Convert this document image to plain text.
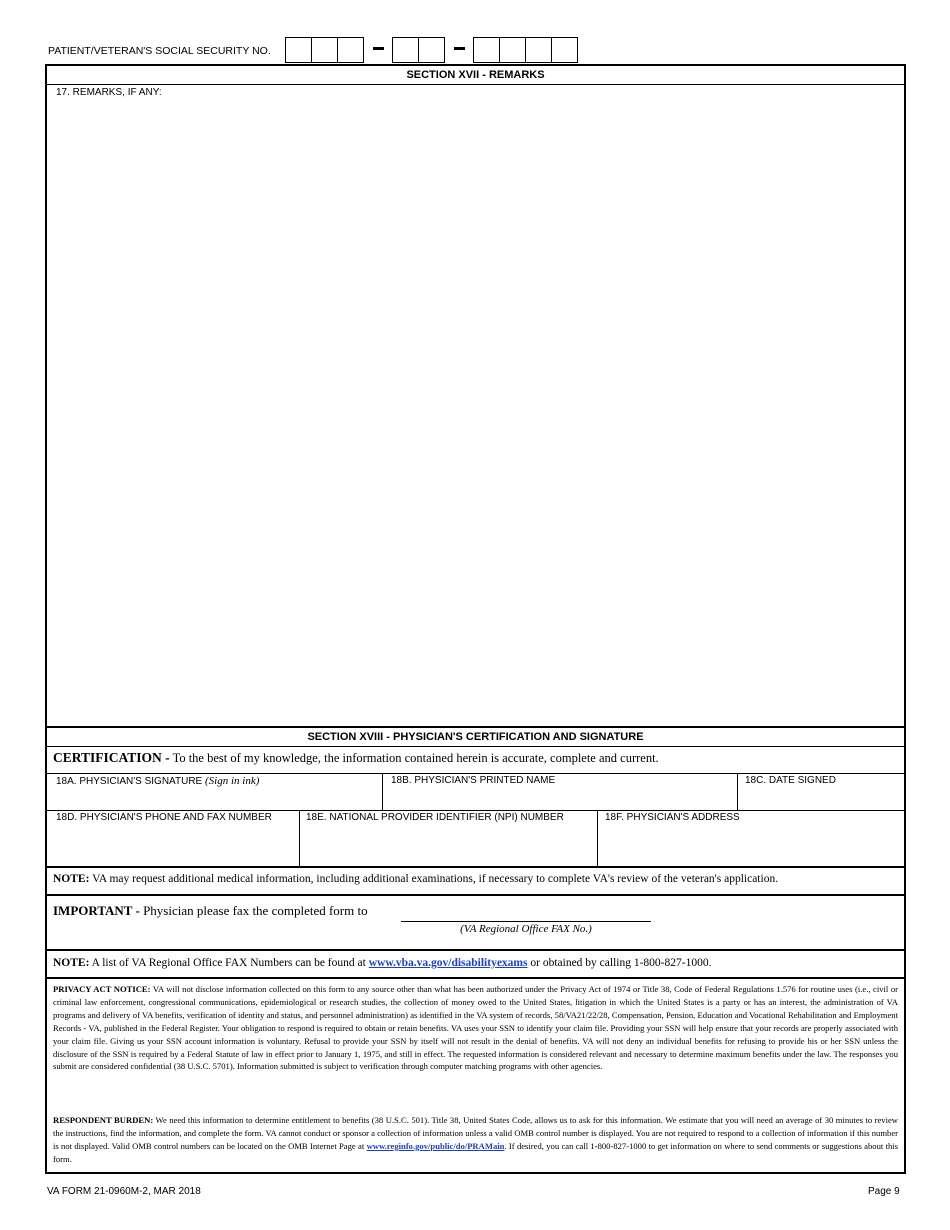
PATIENT/VETERAN'S SOCIAL SECURITY NO.
SECTION XVII - REMARKS
SECTION XVIII - PHYSICIAN'S CERTIFICATION AND SIGNATURE
17. REMARKS, IF ANY:
CERTIFICATION - To the best of my knowledge, the information contained herein is accurate, complete and current.
18A. PHYSICIAN'S SIGNATURE (Sign in ink)	18B. PHYSICIAN'S PRINTED NAME	18C. DATE SIGNED
18D. PHYSICIAN'S PHONE AND FAX NUMBER	18E. NATIONAL PROVIDER IDENTIFIER (NPI) NUMBER	18F. PHYSICIAN'S ADDRESS
NOTE: VA may request additional medical information, including additional examinations, if necessary to complete VA's review of the veteran's application.
IMPORTANT - Physician please fax the completed form to
(VA Regional Office FAX No.)
NOTE: A list of VA Regional Office FAX Numbers can be found at www.vba.va.gov/disabilityexams or obtained by calling 1-800-827-1000.
PRIVACY ACT NOTICE: VA will not disclose information collected on this form to any source other than what has been authorized under the Privacy Act of 1974 or Title 38, Code of Federal Regulations 1.576 for routine uses (i.e., civil or criminal law enforcement, congressional communications, epidemiological or research studies, the collection of money owed to the United States, litigation in which the United States is a party or has an interest, the administration of VA programs and delivery of VA benefits, verification of identity and status, and personnel administration) as identified in the VA system of records, 58/VA21/22/28, Compensation, Pension, Education and Vocational Rehabilitation and Employment Records - VA, published in the Federal Register. Your obligation to respond is required to obtain or retain benefits. VA uses your SSN to identify your claim file. Providing your SSN will help ensure that your records are properly associated with your claim file. Giving us your SSN account information is voluntary. Refusal to provide your SSN by itself will not result in the denial of benefits. VA will not deny an individual benefits for refusing to provide his or her SSN unless the disclosure of the SSN is required by a Federal Statute of law in effect prior to January 1, 1975, and still in effect. The requested information is considered relevant and necessary to determine maximum benefits under the law. The responses you submit are considered confidential (38 U.S.C. 5701). Information submitted is subject to verification through computer matching programs with other agencies.
RESPONDENT BURDEN: We need this information to determine entitlement to benefits (38 U.S.C. 501). Title 38, United States Code, allows us to ask for this information. We estimate that you will need an average of 30 minutes to review the instructions, find the information, and complete the form. VA cannot conduct or sponsor a collection of information unless a valid OMB control number is displayed. You are not required to respond to a collection of information if this number is not displayed. Valid OMB control numbers can be located on the OMB Internet Page at www.reginfo.gov/public/do/PRAMain. If desired, you can call 1-800-827-1000 to get information on where to send comments or suggestions about this form.
VA FORM 21-0960M-2, MAR 2018	Page 9
